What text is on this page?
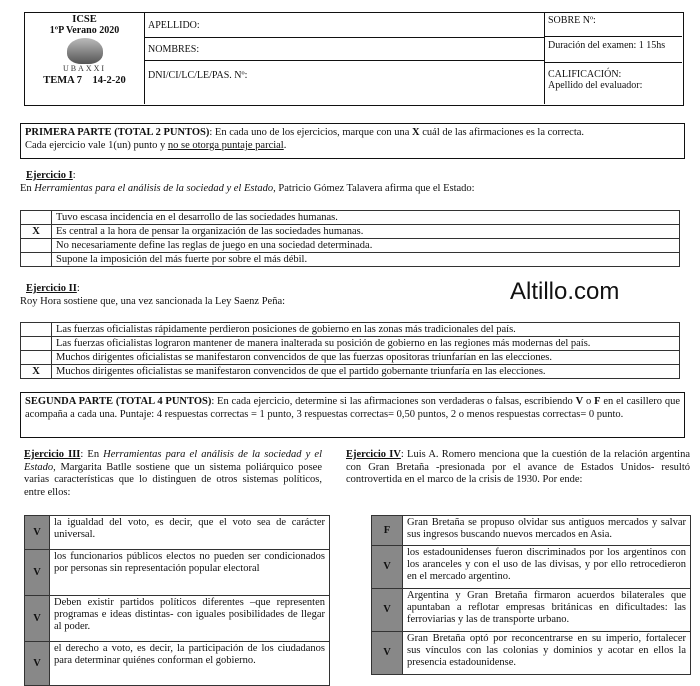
ICSE
1ºP Verano 2020
UBAXXI
TEMA 7 14-2-20
APELLIDO:
NOMBRES:
DNI/CI/LC/LE/PAS. Nº:
SOBRE Nº:
Duración del examen: 1 15hs
CALIFICACIÓN:
Apellido del evaluador:
PRIMERA PARTE (TOTAL 2 PUNTOS): En cada uno de los ejercicios, marque con una X cuál de las afirmaciones es la correcta.
Cada ejercicio vale 1(un) punto y no se otorga puntaje parcial.
Ejercicio I:
En Herramientas para el análisis de la sociedad y el Estado, Patricio Gómez Talavera afirma que el Estado:
	Tuvo escasa incidencia en el desarrollo de las sociedades humanas.
X	Es central a la hora de pensar la organización de las sociedades humanas.
	No necesariamente define las reglas de juego en una sociedad determinada.
	Supone la imposición del más fuerte por sobre el más débil.
Ejercicio II:
Roy Hora sostiene que, una vez sancionada la Ley Saenz Peña:	Altillo.com
	Las fuerzas oficialistas rápidamente perdieron posiciones de gobierno en las zonas más tradicionales del país.
	Las fuerzas oficialistas lograron mantener de manera inalterada su posición de gobierno en las regiones más modernas del país.
	Muchos dirigentes oficialistas se manifestaron convencidos de que las fuerzas opositoras triunfarían en las elecciones.
X	Muchos dirigentes oficialistas se manifestaron convencidos de que el partido gobernante triunfaría en las elecciones.
SEGUNDA PARTE (TOTAL 4 PUNTOS): En cada ejercicio, determine si las afirmaciones son verdaderas o falsas, escribiendo V o F en el casillero que acompaña a cada una. Puntaje: 4 respuestas correctas = 1 punto, 3 respuestas correctas= 0,50 puntos, 2 o menos respuestas correctas= 0 punto.
Ejercicio III: En Herramientas para el análisis de la sociedad y el Estado, Margarita Batlle sostiene que un sistema poliárquico posee varias características que lo distinguen de otros sistemas políticos, entre ellos:
V	la igualdad del voto, es decir, que el voto sea de carácter universal.
V	los funcionarios públicos electos no pueden ser condicionados por personas sin representación popular electoral
V	Deben existir partidos políticos diferentes –que representen programas e ideas distintas- con iguales posibilidades de llegar al poder.
V	el derecho a voto, es decir, la participación de los ciudadanos para determinar quiénes conforman el gobierno.
Ejercicio IV: Luis A. Romero menciona que la cuestión de la relación argentina con Gran Bretaña -presionada por el avance de Estados Unidos- resultó controvertida en el marco de la crisis de 1930. Por ende:
F	Gran Bretaña se propuso olvidar sus antiguos mercados y salvar sus ingresos buscando nuevos mercados en Asia.
V	los estadounidenses fueron discriminados por los argentinos con los aranceles y con el uso de las divisas, y por ello retrocedieron en el mercado argentino.
V	Argentina y Gran Bretaña firmaron acuerdos bilaterales que apuntaban a reflotar empresas británicas en dificultades: las ferroviarias y las de transporte urbano.
V	Gran Bretaña optó por reconcentrarse en su imperio, fortalecer sus vínculos con las colonias y dominios y acotar en ellos la presencia estadounidense.
